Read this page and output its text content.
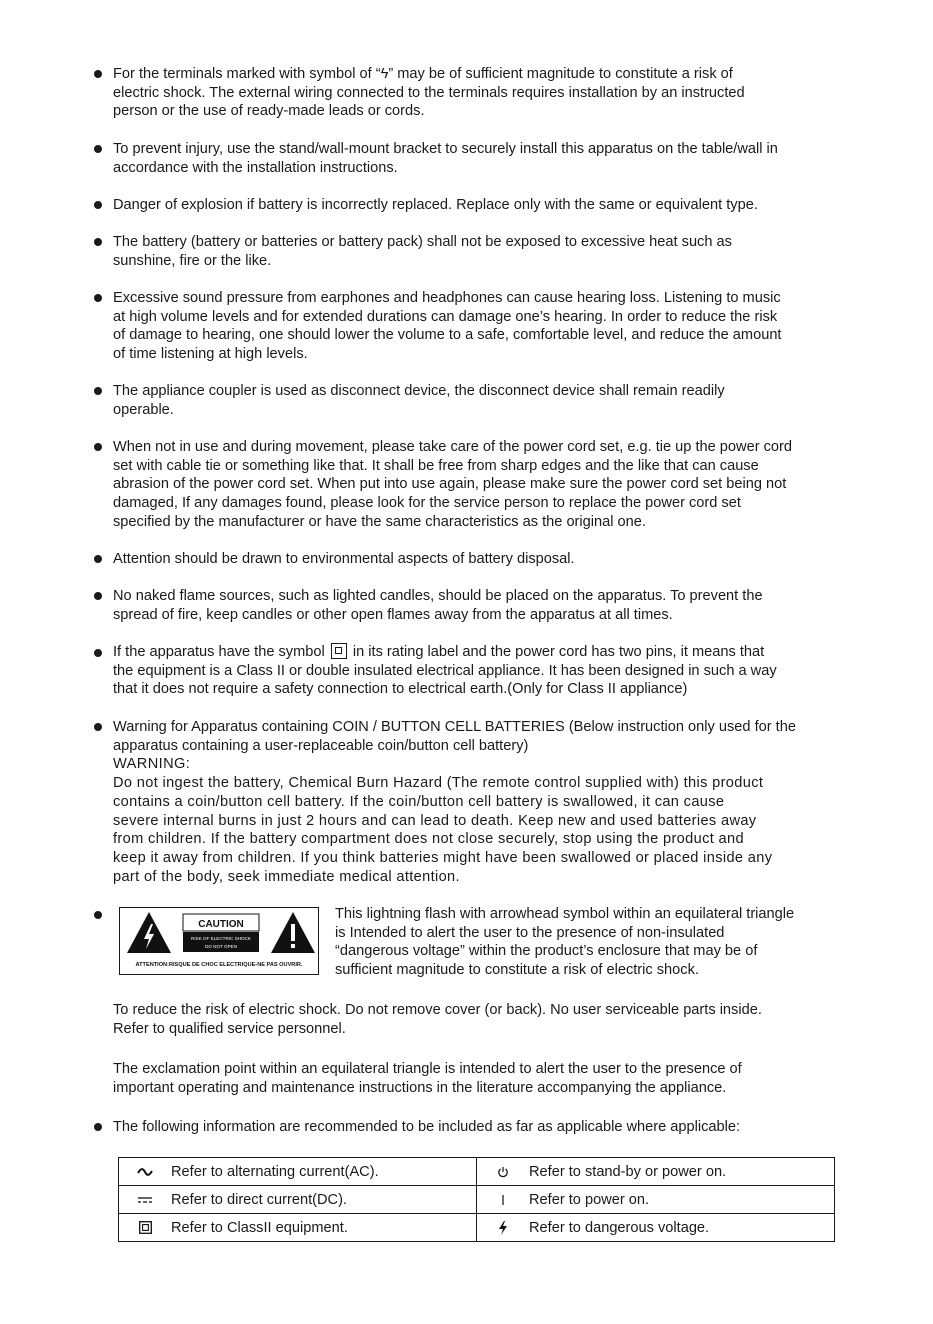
For the terminals marked with symbol of “ϟ” may be of sufficient magnitude to constitute a risk of
electric shock. The external wiring connected to the terminals requires installation by an instructed
person or the use of ready-made leads or cords.

To prevent injury, use the stand/wall-mount bracket to securely install this apparatus on the table/wall in
accordance with the installation instructions.

Danger of explosion if battery is incorrectly replaced. Replace only with the same or equivalent type.

The battery (battery or batteries or battery pack) shall not be exposed to excessive heat such as
sunshine, fire or the like.

Excessive sound pressure from earphones and headphones can cause hearing loss. Listening to music
at high volume levels and for extended durations can damage one’s hearing. In order to reduce the risk
of damage to hearing, one should lower the volume to a safe, comfortable level, and reduce the amount
of time listening at high levels.

The appliance coupler is used as disconnect device, the disconnect device shall remain readily
operable.

When not in use and during movement, please take care of the power cord set, e.g. tie up the power cord
set with cable tie or something like that. It shall be free from sharp edges and the like that can cause
abrasion of the power cord set. When put into use again, please make sure the power cord set being not
damaged, If any damages found, please look for the service person to replace the power cord set
specified by the manufacturer or have the same characteristics as the original one.

Attention should be drawn to environmental aspects of battery disposal.

No naked flame sources, such as lighted candles, should be placed on the apparatus. To prevent the
spread of fire, keep candles or other open flames away from the apparatus at all times.

If the apparatus have the symbol in its rating label and the power cord has two pins, it means that
the equipment is a Class II or double insulated electrical appliance. It has been designed in such a way
that it does not require a safety connection to electrical earth.(Only for Class II appliance)

Warning for Apparatus containing COIN / BUTTON CELL BATTERIES (Below instruction only used for the
apparatus containing a user-replaceable coin/button cell battery)
WARNING:
Do not ingest the battery, Chemical Burn Hazard (The remote control supplied with) this product
contains a coin/button cell battery. If the coin/button cell battery is swallowed, it can cause
severe internal burns in just 2 hours and can lead to death. Keep new and used batteries away
from children. If the battery compartment does not close securely, stop using the product and
keep it away from children. If you think batteries might have been swallowed or placed inside any
part of the body, seek immediate medical attention.

CAUTION
RISK OF ELECTRIC SHOCK
DO NOT OPEN
ATTENTION:RISQUE DE CHOC ELECTRIQUE-NE PAS OUVRIR.

This lightning flash with arrowhead symbol within an equilateral triangle
is Intended to alert the user to the presence of non-insulated
“dangerous voltage” within the product’s enclosure that may be of
sufficient magnitude to constitute a risk of electric shock.

To reduce the risk of electric shock. Do not remove cover (or back). No user serviceable parts inside.
Refer to qualified service personnel.

The exclamation point within an equilateral triangle is intended to alert the user to the presence of
important operating and maintenance instructions in the literature accompanying the appliance.

The following information are recommended to be included as far as applicable where applicable:

Refer to alternating current(AC).	Refer to stand-by or power on.

Refer to direct current(DC).	Refer to power on.

Refer to ClassII equipment.	Refer to dangerous voltage.
